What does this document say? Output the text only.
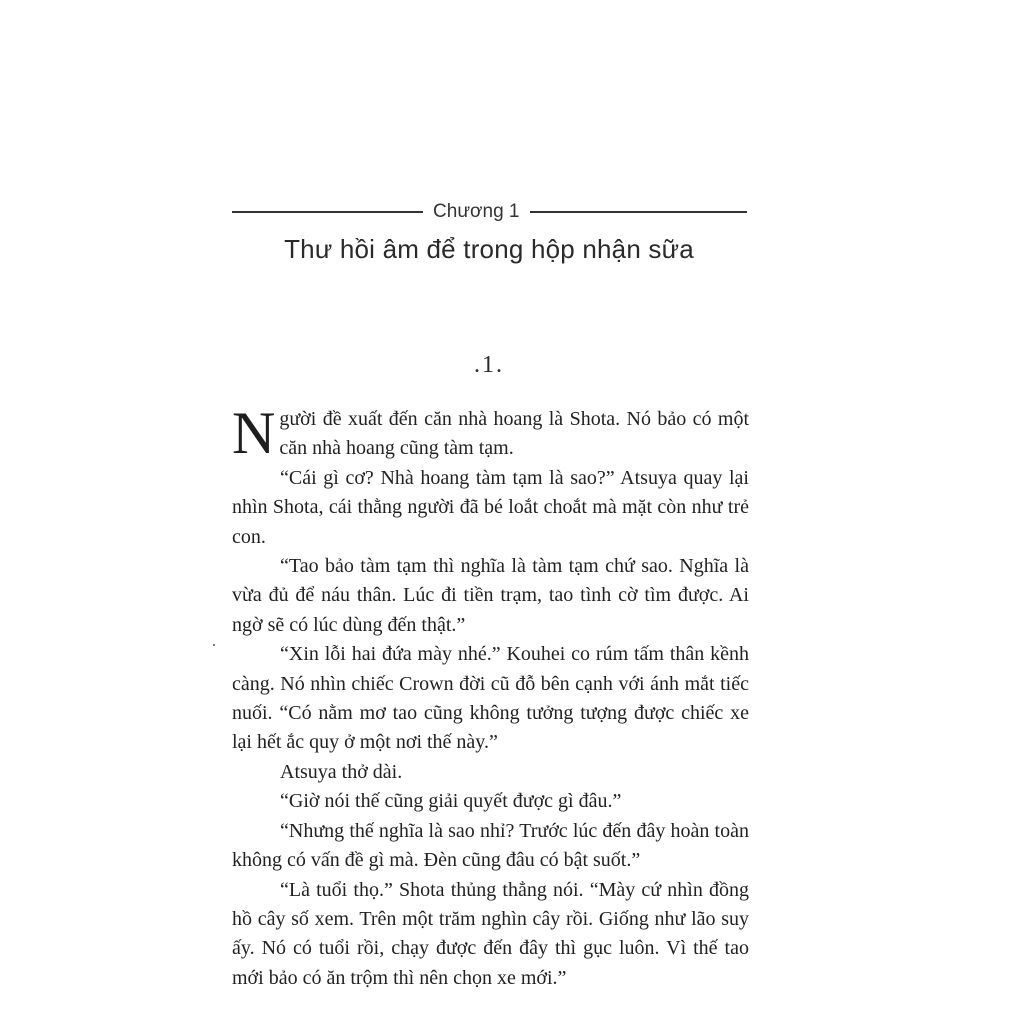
Chương 1
Thư hồi âm để trong hộp nhận sữa
.1.

Người đề xuất đến căn nhà hoang là Shota. Nó bảo có một căn nhà hoang cũng tàm tạm.

“Cái gì cơ? Nhà hoang tàm tạm là sao?” Atsuya quay lại nhìn Shota, cái thằng người đã bé loắt choắt mà mặt còn như trẻ con.

“Tao bảo tàm tạm thì nghĩa là tàm tạm chứ sao. Nghĩa là vừa đủ để náu thân. Lúc đi tiền trạm, tao tình cờ tìm được. Ai ngờ sẽ có lúc dùng đến thật.”

“Xin lỗi hai đứa mày nhé.” Kouhei co rúm tấm thân kềnh càng. Nó nhìn chiếc Crown đời cũ đỗ bên cạnh với ánh mắt tiếc nuối. “Có nằm mơ tao cũng không tưởng tượng được chiếc xe lại hết ắc quy ở một nơi thế này.”

Atsuya thở dài.

“Giờ nói thế cũng giải quyết được gì đâu.”

“Nhưng thế nghĩa là sao nhỉ? Trước lúc đến đây hoàn toàn không có vấn đề gì mà. Đèn cũng đâu có bật suốt.”

“Là tuổi thọ.” Shota thủng thẳng nói. “Mày cứ nhìn đồng hồ cây số xem. Trên một trăm nghìn cây rồi. Giống như lão suy ấy. Nó có tuổi rồi, chạy được đến đây thì gục luôn. Vì thế tao mới bảo có ăn trộm thì nên chọn xe mới.”
